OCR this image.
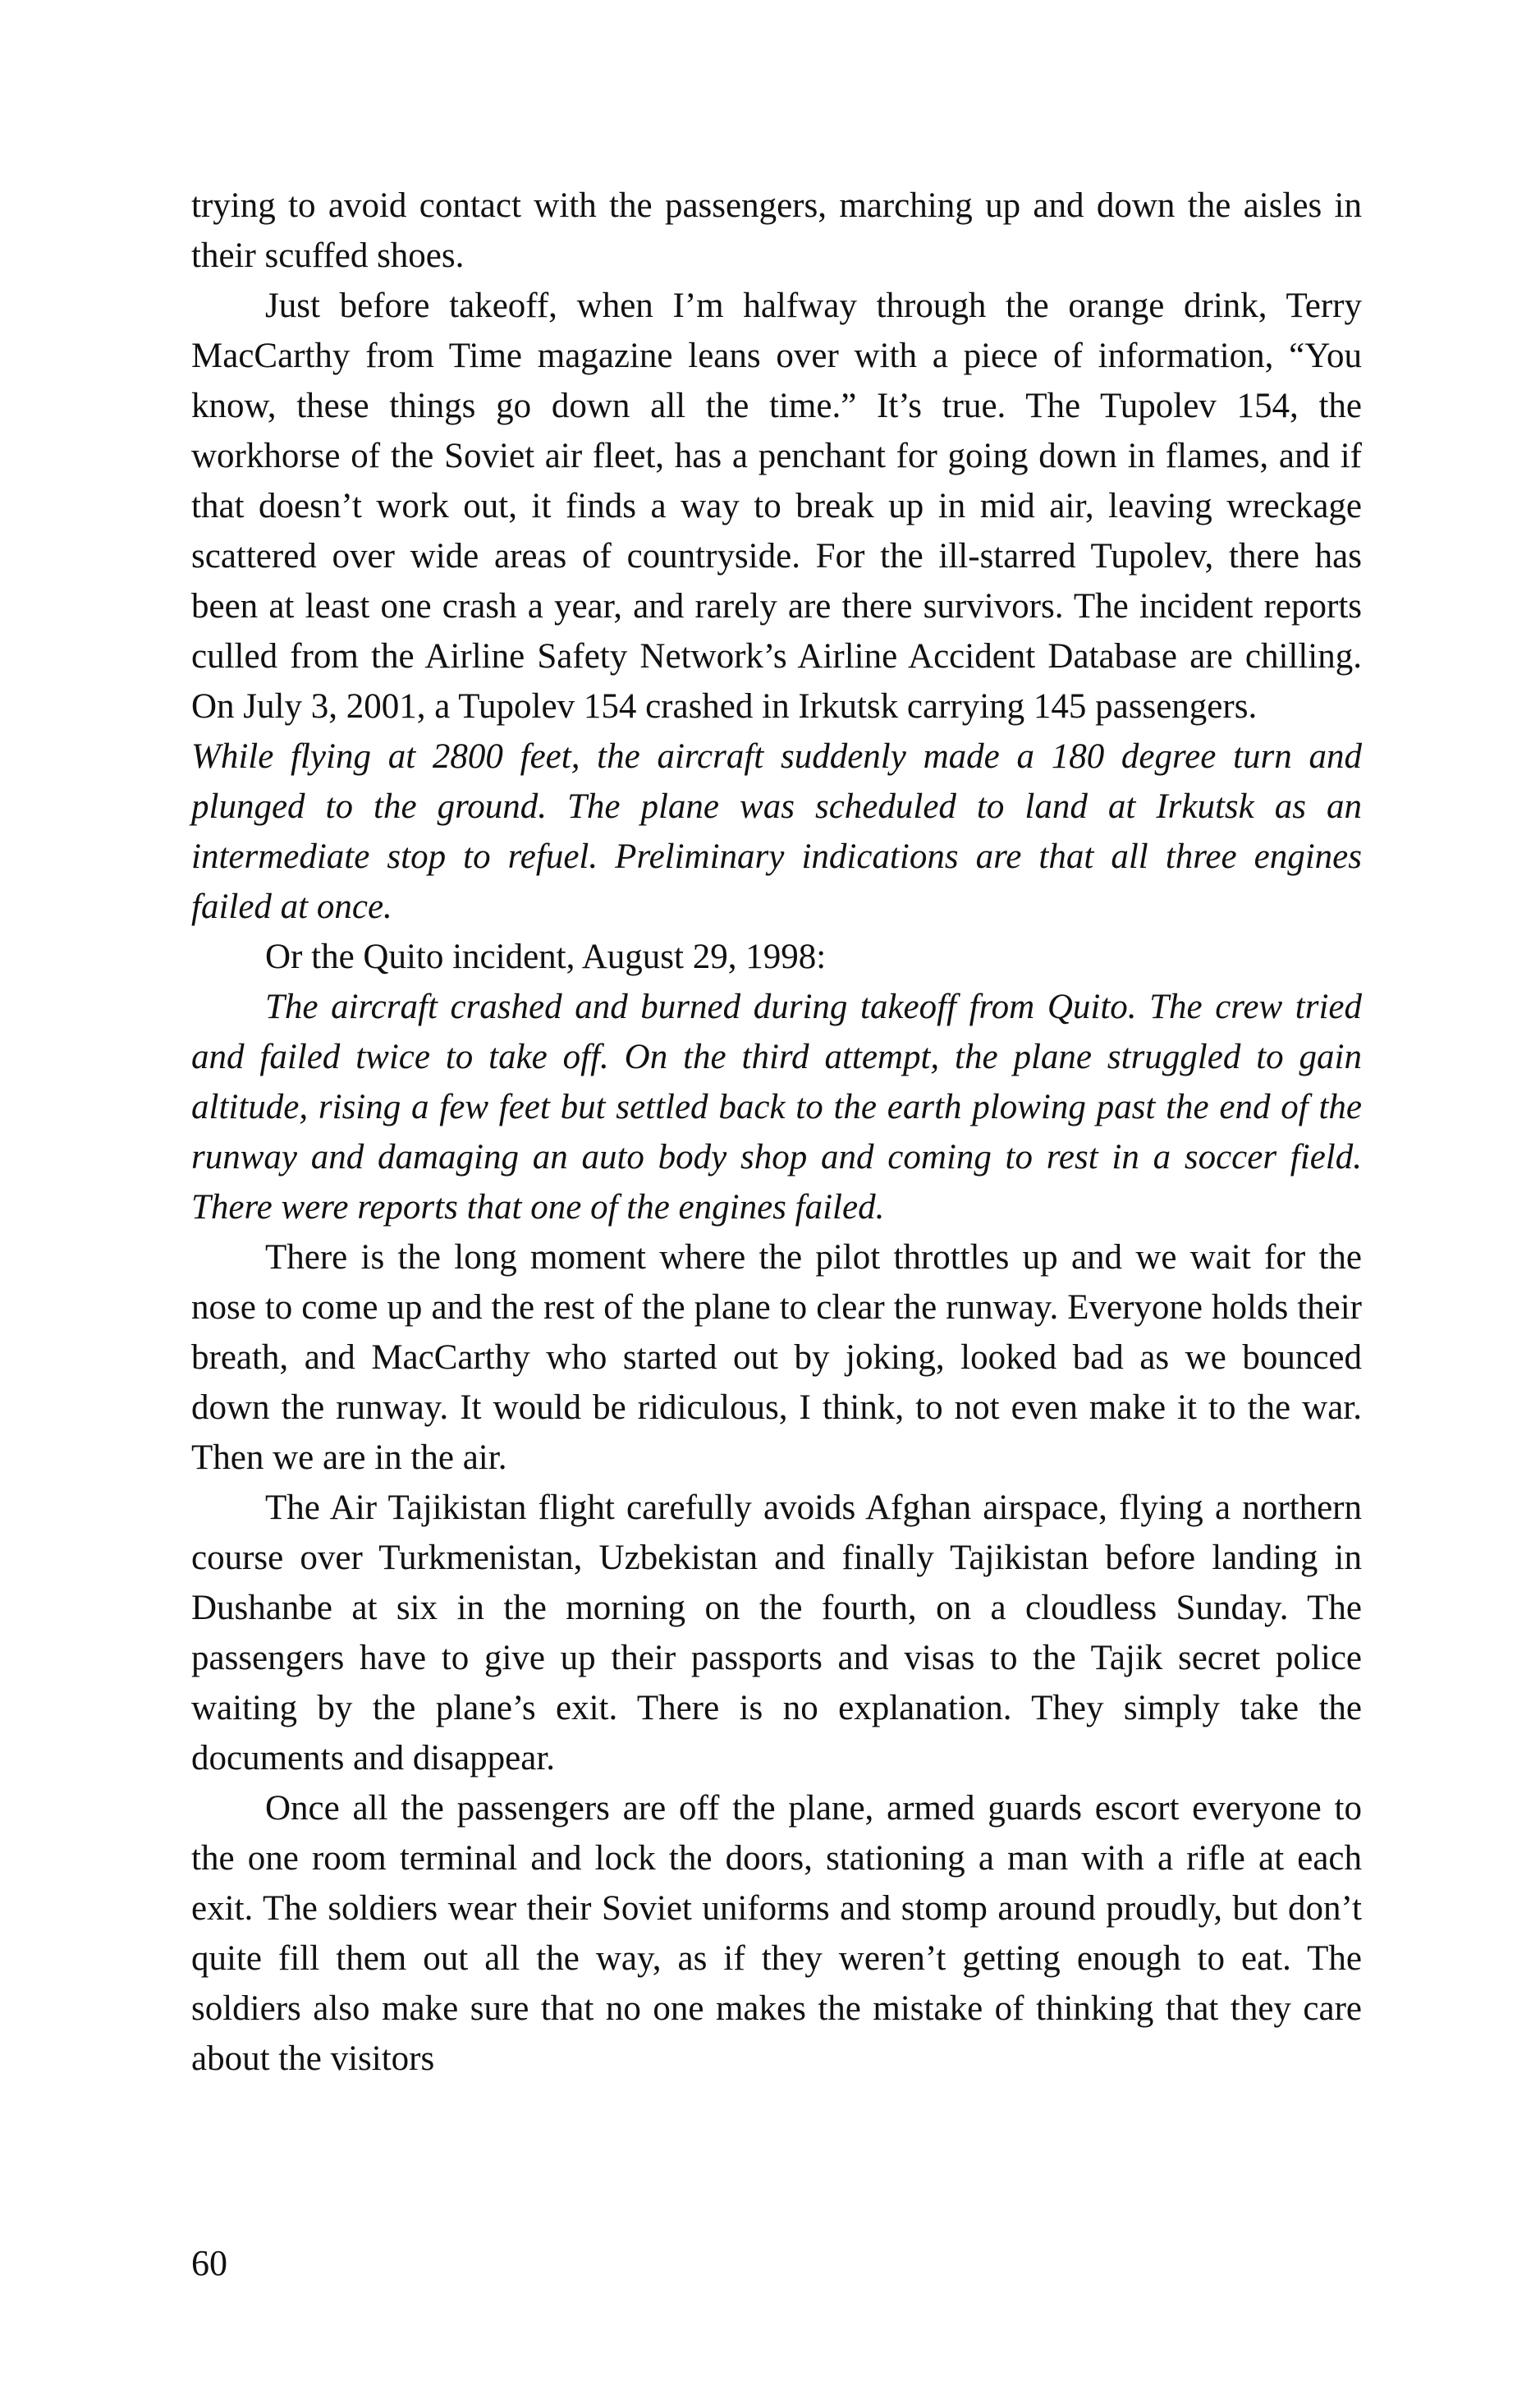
trying to avoid contact with the passengers, marching up and down the aisles in their scuffed shoes.

Just before takeoff, when I’m halfway through the orange drink, Terry MacCarthy from Time magazine leans over with a piece of information, “You know, these things go down all the time.” It’s true. The Tupolev 154, the workhorse of the Soviet air fleet, has a penchant for going down in flames, and if that doesn’t work out, it finds a way to break up in mid air, leaving wreckage scattered over wide areas of countryside. For the ill-starred Tupolev, there has been at least one crash a year, and rarely are there survivors. The incident reports culled from the Airline Safety Network’s Airline Accident Database are chilling. On July 3, 2001, a Tupolev 154 crashed in Irkutsk carrying 145 passengers.

While flying at 2800 feet, the aircraft suddenly made a 180 degree turn and plunged to the ground. The plane was scheduled to land at Irkutsk as an intermediate stop to refuel. Preliminary indications are that all three engines failed at once.

Or the Quito incident, August 29, 1998:

The aircraft crashed and burned during takeoff from Quito. The crew tried and failed twice to take off. On the third attempt, the plane struggled to gain altitude, rising a few feet but settled back to the earth plowing past the end of the runway and damaging an auto body shop and coming to rest in a soccer field. There were reports that one of the engines failed.

There is the long moment where the pilot throttles up and we wait for the nose to come up and the rest of the plane to clear the runway. Everyone holds their breath, and MacCarthy who started out by joking, looked bad as we bounced down the runway. It would be ridiculous, I think, to not even make it to the war. Then we are in the air.

The Air Tajikistan flight carefully avoids Afghan airspace, flying a northern course over Turkmenistan, Uzbekistan and finally Tajikistan before landing in Dushanbe at six in the morning on the fourth, on a cloudless Sunday. The passengers have to give up their passports and visas to the Tajik secret police waiting by the plane’s exit. There is no explanation. They simply take the documents and disappear.

Once all the passengers are off the plane, armed guards escort everyone to the one room terminal and lock the doors, stationing a man with a rifle at each exit. The soldiers wear their Soviet uniforms and stomp around proudly, but don’t quite fill them out all the way, as if they weren’t getting enough to eat. The soldiers also make sure that no one makes the mistake of thinking that they care about the visitors

60
